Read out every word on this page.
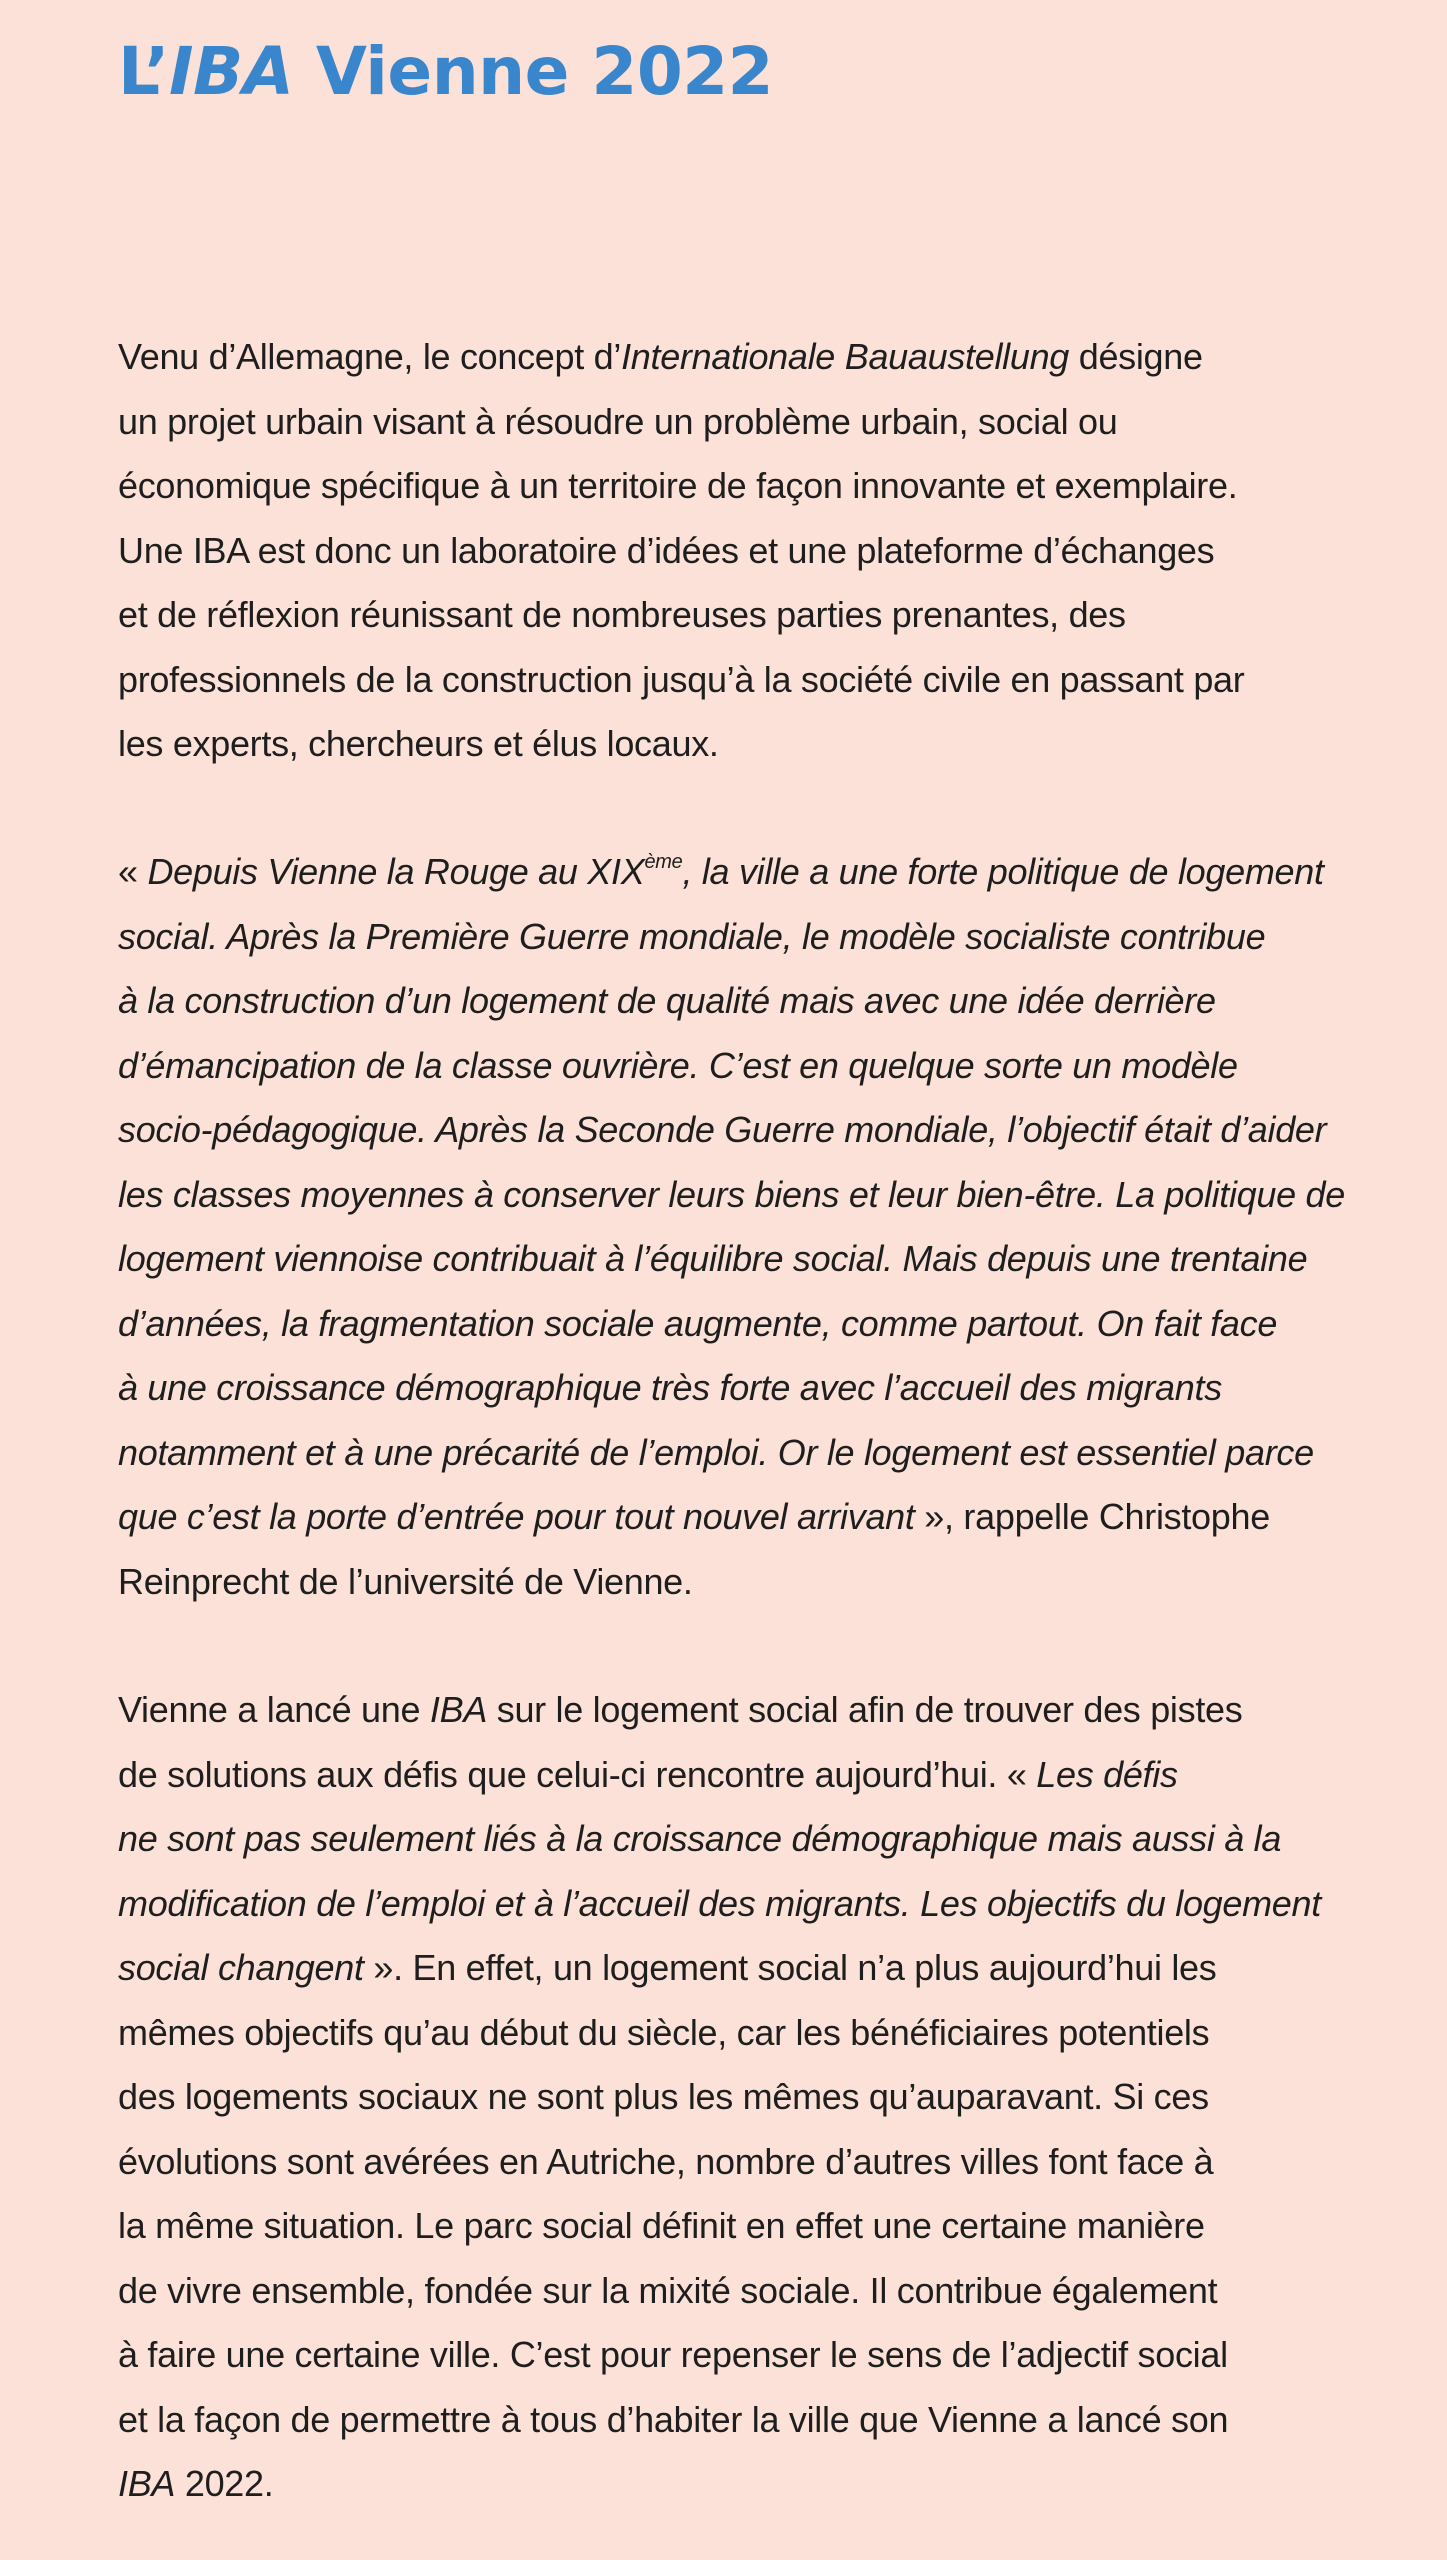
L’IBA Vienne 2022
Venu d’Allemagne, le concept d’Internationale Bauaustellung désigne
un projet urbain visant à résoudre un problème urbain, social ou
économique spécifique à un territoire de façon innovante et exemplaire.
Une IBA est donc un laboratoire d’idées et une plateforme d’échanges
et de réflexion réunissant de nombreuses parties prenantes, des
professionnels de la construction jusqu’à la société civile en passant par
les experts, chercheurs et élus locaux.
« Depuis Vienne la Rouge au XIXème, la ville a une forte politique de logement
social. Après la Première Guerre mondiale, le modèle socialiste contribue
à la construction d’un logement de qualité mais avec une idée derrière
d’émancipation de la classe ouvrière. C’est en quelque sorte un modèle
socio-pédagogique. Après la Seconde Guerre mondiale, l’objectif était d’aider
les classes moyennes à conserver leurs biens et leur bien-être. La politique de
logement viennoise contribuait à l’équilibre social. Mais depuis une trentaine
d’années, la fragmentation sociale augmente, comme partout. On fait face
à une croissance démographique très forte avec l’accueil des migrants
notamment et à une précarité de l’emploi. Or le logement est essentiel parce
que c’est la porte d’entrée pour tout nouvel arrivant », rappelle Christophe
Reinprecht de l’université de Vienne.
Vienne a lancé une IBA sur le logement social afin de trouver des pistes
de solutions aux défis que celui-ci rencontre aujourd’hui. « Les défis
ne sont pas seulement liés à la croissance démographique mais aussi à la
modification de l’emploi et à l’accueil des migrants. Les objectifs du logement
social changent ». En effet, un logement social n’a plus aujourd’hui les
mêmes objectifs qu’au début du siècle, car les bénéficiaires potentiels
des logements sociaux ne sont plus les mêmes qu’auparavant. Si ces
évolutions sont avérées en Autriche, nombre d’autres villes font face à
la même situation. Le parc social définit en effet une certaine manière
de vivre ensemble, fondée sur la mixité sociale. Il contribue également
à faire une certaine ville. C’est pour repenser le sens de l’adjectif social
et la façon de permettre à tous d’habiter la ville que Vienne a lancé son
IBA 2022.
